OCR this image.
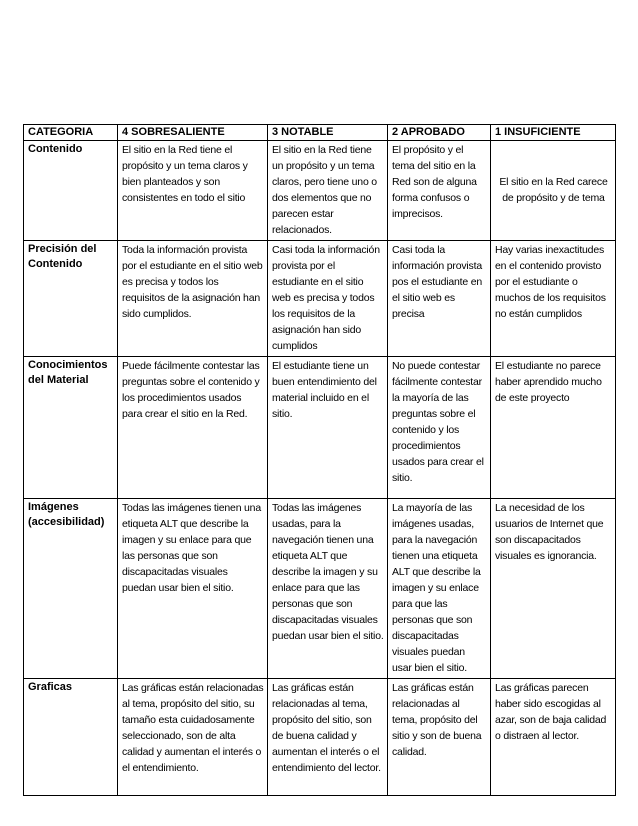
CATEGORIA	4 SOBRESALIENTE	3 NOTABLE	2 APROBADO	1 INSUFICIENTE
Contenido	El sitio en la Red tiene el propósito y un tema claros y bien planteados y son consistentes en todo el sitio	El sitio en la Red tiene un propósito y un tema claros, pero tiene uno o dos elementos que no parecen estar relacionados.	El propósito y el tema del sitio en la Red son de alguna forma confusos o imprecisos.	El sitio en la Red carece de propósito y de tema
Precisión del Contenido	Toda la información provista por el estudiante en el sitio web es precisa y todos los requisitos de la asignación han sido cumplidos.	Casi toda la información provista por el estudiante en el sitio web es precisa y todos los requisitos de la asignación han sido cumplidos	Casi toda la información provista pos el estudiante en el sitio web es precisa	Hay varias inexactitudes en el contenido provisto por el estudiante o muchos de los requisitos no están cumplidos
Conocimientos del Material	Puede fácilmente contestar las preguntas sobre el contenido y los procedimientos usados para crear el sitio en la Red.	El estudiante tiene un buen entendimiento del material incluido en el sitio.	No puede contestar fácilmente contestar la mayoría de las preguntas sobre el contenido y los procedimientos usados para crear el sitio.	El estudiante no parece haber aprendido mucho de este proyecto
Imágenes (accesibilidad)	Todas las imágenes tienen una etiqueta ALT que describe la imagen y su enlace para que las personas que son discapacitadas visuales puedan usar bien el sitio.	Todas las imágenes usadas, para la navegación tienen una etiqueta ALT que describe la imagen y su enlace para que las personas que son discapacitadas visuales puedan usar bien el sitio.	La mayoría de las imágenes usadas, para la navegación tienen una etiqueta ALT que describe la imagen y su enlace para que las personas que son discapacitadas visuales puedan usar bien el sitio.	La necesidad de los usuarios de Internet que son discapacitados visuales es ignorancia.
Graficas	Las gráficas están relacionadas al tema, propósito del sitio, su tamaño esta cuidadosamente seleccionado, son de alta calidad y aumentan el interés o el entendimiento.	Las gráficas están relacionadas al tema, propósito del sitio, son de buena calidad y aumentan el interés o el entendimiento del lector.	Las gráficas están relacionadas al tema, propósito del sitio y son de buena calidad.	Las gráficas parecen haber sido escogidas al azar, son de baja calidad o distraen al lector.
